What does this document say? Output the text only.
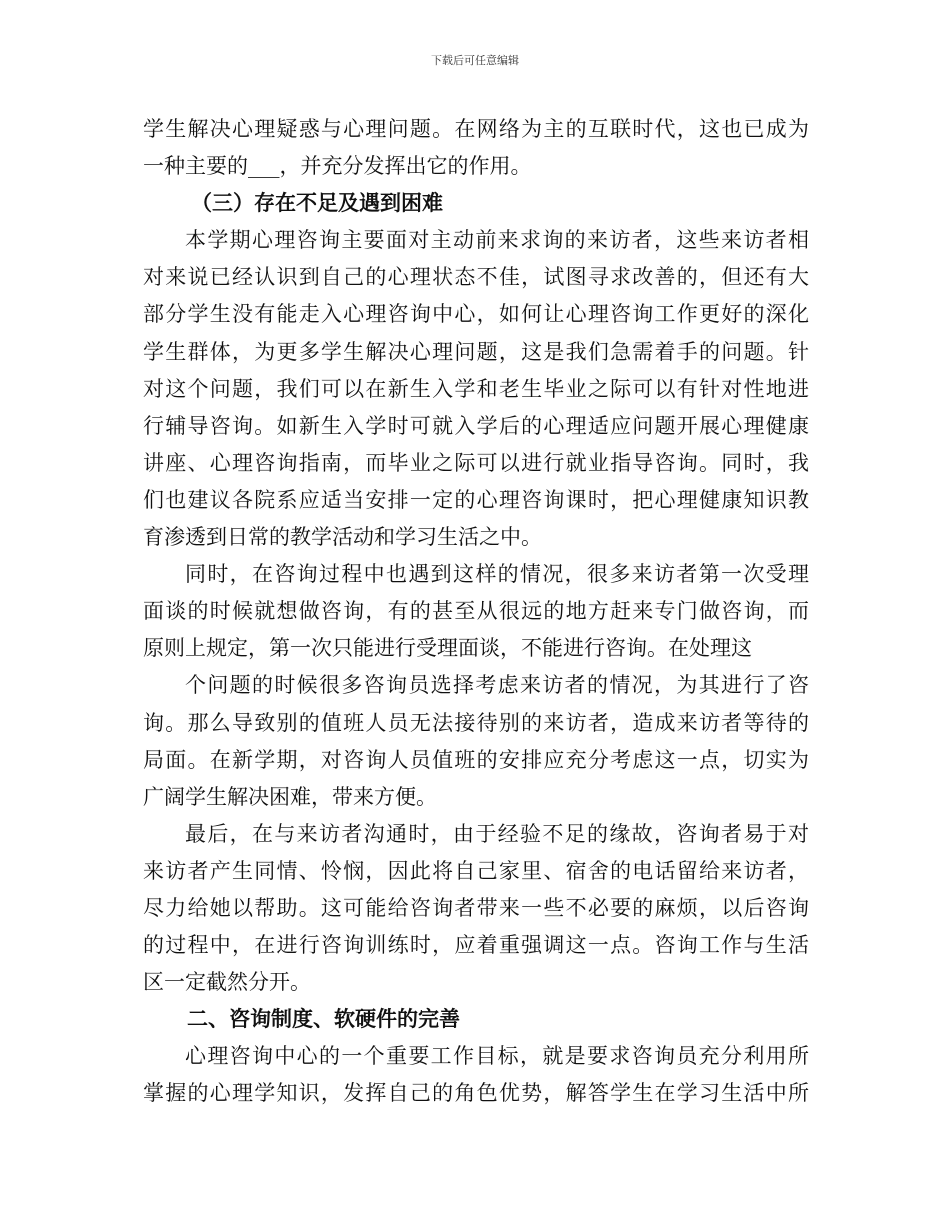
下载后可任意编辑
学生解决心理疑惑与心理问题。在网络为主的互联时代，这也已成为
一种主要的___，并充分发挥出它的作用。
（三）存在不足及遇到困难
本学期心理咨询主要面对主动前来求询的来访者，这些来访者相
对来说已经认识到自己的心理状态不佳，试图寻求改善的，但还有大
部分学生没有能走入心理咨询中心，如何让心理咨询工作更好的深化
学生群体，为更多学生解决心理问题，这是我们急需着手的问题。针
对这个问题，我们可以在新生入学和老生毕业之际可以有针对性地进
行辅导咨询。如新生入学时可就入学后的心理适应问题开展心理健康
讲座、心理咨询指南，而毕业之际可以进行就业指导咨询。同时，我
们也建议各院系应适当安排一定的心理咨询课时，把心理健康知识教
育渗透到日常的教学活动和学习生活之中。
同时，在咨询过程中也遇到这样的情况，很多来访者第一次受理
面谈的时候就想做咨询，有的甚至从很远的地方赶来专门做咨询，而
原则上规定，第一次只能进行受理面谈，不能进行咨询。在处理这
个问题的时候很多咨询员选择考虑来访者的情况，为其进行了咨
询。那么导致别的值班人员无法接待别的来访者，造成来访者等待的
局面。在新学期，对咨询人员值班的安排应充分考虑这一点，切实为
广阔学生解决困难，带来方便。
最后，在与来访者沟通时，由于经验不足的缘故，咨询者易于对
来访者产生同情、怜悯，因此将自己家里、宿舍的电话留给来访者，
尽力给她以帮助。这可能给咨询者带来一些不必要的麻烦，以后咨询
的过程中，在进行咨询训练时，应着重强调这一点。咨询工作与生活
区一定截然分开。
二、咨询制度、软硬件的完善
心理咨询中心的一个重要工作目标，就是要求咨询员充分利用所
掌握的心理学知识，发挥自己的角色优势，解答学生在学习生活中所
